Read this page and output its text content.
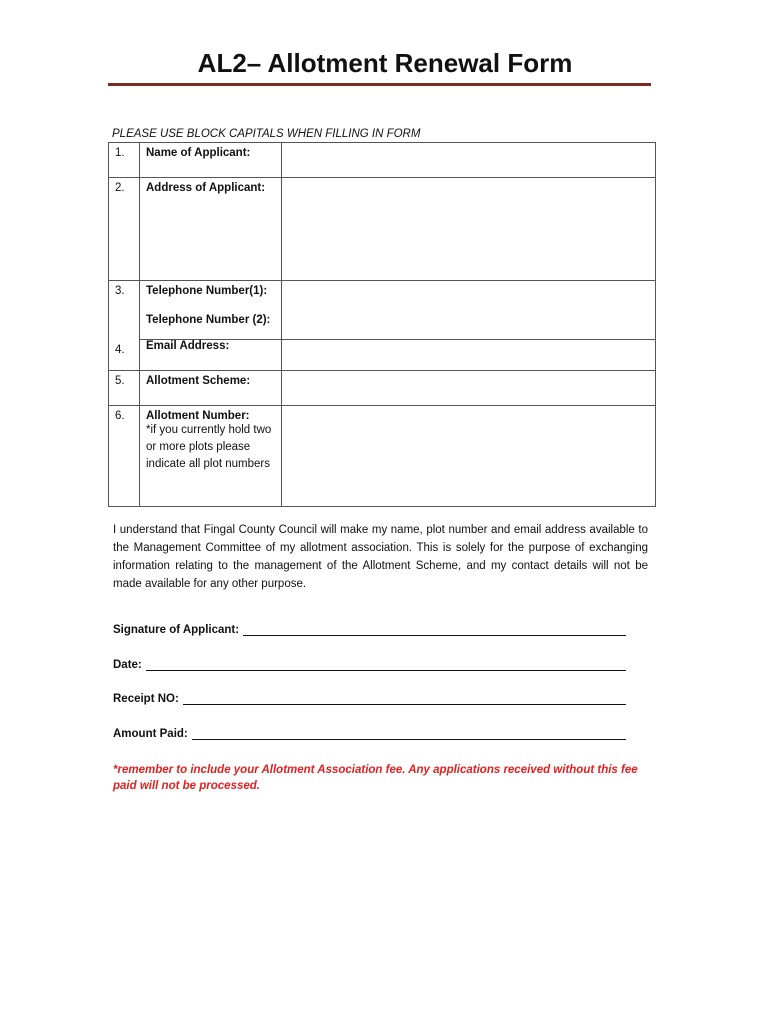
AL2– Allotment Renewal Form
PLEASE USE BLOCK CAPITALS WHEN FILLING IN FORM
1.	Name of Applicant:	
2.	Address of Applicant:	
3.	Telephone Number(1):
Telephone Number (2):	

4.	Email Address:	
5.	Allotment Scheme:	
6.	Allotment Number:
*if you currently hold two or more plots please indicate all plot numbers	

I understand that Fingal County Council will make my name, plot number and email address available to the Management Committee of my allotment association. This is solely for the purpose of exchanging information relating to the management of the Allotment Scheme, and my contact details will not be made available for any other purpose.

Signature of Applicant:
Date:
Receipt NO:
Amount Paid:

*remember to include your Allotment Association fee. Any applications received without this fee paid will not be processed.
